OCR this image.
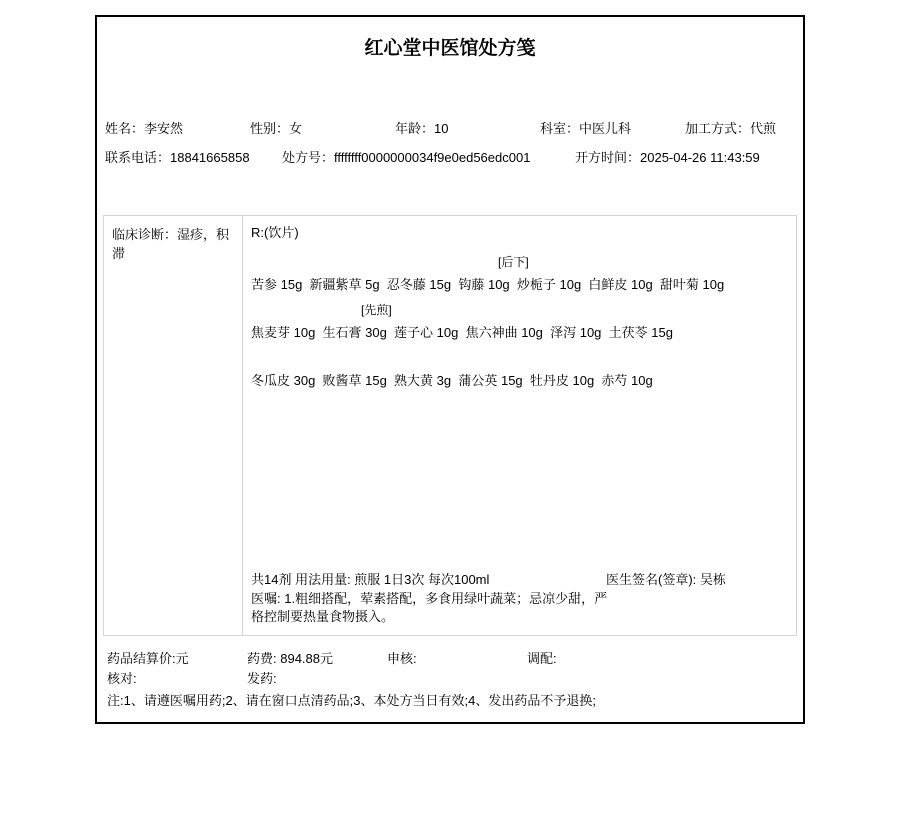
红心堂中医馆处方笺
姓名：李安然	性别：女	年龄：10	科室：中医儿科	加工方式：代煎
联系电话：18841665858 处方号：ffffffff0000000034f9e0ed56edc001	开方时间：2025-04-26 11:43:59
临床诊断：湿疹，积滞
R:(饮片)
[后下]
苦参 15g  新疆紫草 5g  忍冬藤 15g  钩藤 10g  炒栀子 10g  白鲜皮 10g  甜叶菊 10g
[先煎]
焦麦芽 10g  生石膏 30g  莲子心 10g  焦六神曲 10g  泽泻 10g  土茯苓 15g
冬瓜皮 30g  败酱草 15g  熟大黄 3g  蒲公英 15g  牡丹皮 10g  赤芍 10g
共14剂 用法用量: 煎服 1日3次 每次100ml	医生签名(签章): 吴栋
医嘱: 1.粗细搭配，荤素搭配，多食用绿叶蔬菜；忌凉少甜，严格控制要热量食物摄入。
药品结算价:元	药费: 894.88元	申核:	调配:
核对:	发药:
注:1、请遵医嘱用药;2、请在窗口点清药品;3、本处方当日有效;4、发出药品不予退换;
